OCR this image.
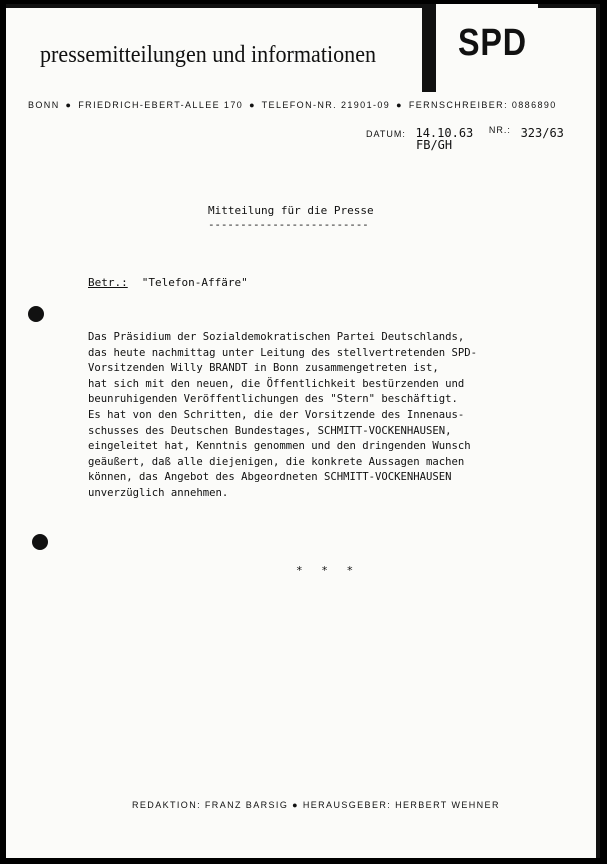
SPD
pressemitteilungen und informationen
BONN ● FRIEDRICH-EBERT-ALLEE 170 ● TELEFON-NR. 21901-09 ● FERNSCHREIBER: 0886890
DATUM: 14.10.63 $^{NR.:}$ 323/63
FB/GH
Mitteilung für die Presse
-------------------------
Betr.: "Telefon-Affäre"
Das Präsidium der Sozialdemokratischen Partei Deutschlands,
das heute nachmittag unter Leitung des stellvertretenden SPD-
Vorsitzenden Willy BRANDT in Bonn zusammengetreten ist,
hat sich mit den neuen, die Öffentlichkeit bestürzenden und
beunruhigenden Veröffentlichungen des "Stern" beschäftigt.
Es hat von den Schritten, die der Vorsitzende des Innenaus-
schusses des Deutschen Bundestages, SCHMITT-VOCKENHAUSEN,
eingeleitet hat, Kenntnis genommen und den dringenden Wunsch
geäußert, daß alle diejenigen, die konkrete Aussagen machen
können, das Angebot des Abgeordneten SCHMITT-VOCKENHAUSEN
unverzüglich annehmen.
* * *
REDAKTION: FRANZ BARSIG ● HERAUSGEBER: HERBERT WEHNER
